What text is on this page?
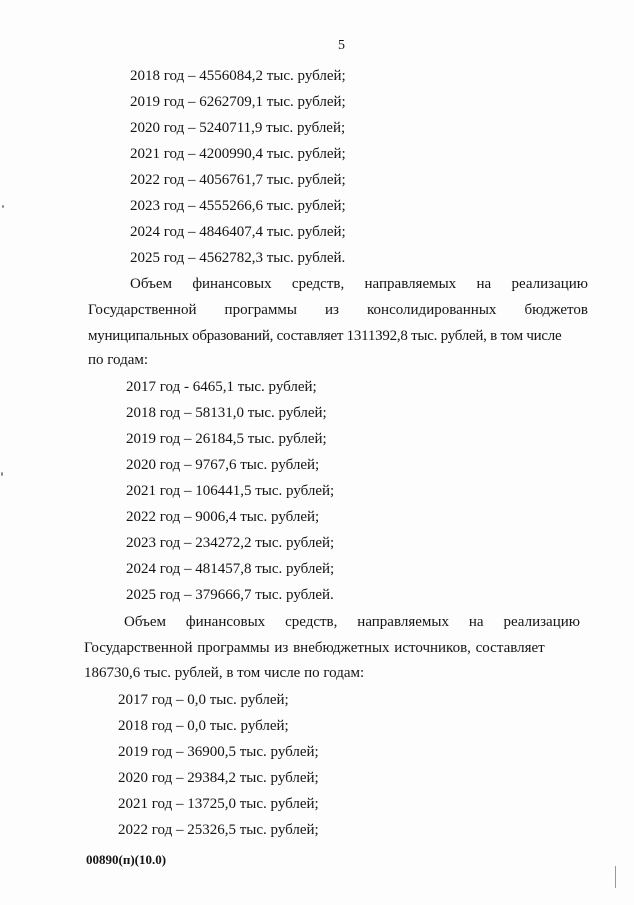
5
2018 год – 4556084,2 тыс. рублей;
2019 год – 6262709,1 тыс. рублей;
2020 год – 5240711,9 тыс. рублей;
2021 год – 4200990,4 тыс. рублей;
2022 год – 4056761,7 тыс. рублей;
2023 год – 4555266,6 тыс. рублей;
2024 год – 4846407,4 тыс. рублей;
2025 год – 4562782,3 тыс. рублей.
Объем финансовых средств, направляемых на реализацию
Государственной программы из консолидированных бюджетов
муниципальных образований, составляет 1311392,8 тыс. рублей, в том числе
по годам:
2017 год - 6465,1 тыс. рублей;
2018 год – 58131,0 тыс. рублей;
2019 год – 26184,5 тыс. рублей;
2020 год – 9767,6 тыс. рублей;
2021 год – 106441,5 тыс. рублей;
2022 год – 9006,4 тыс. рублей;
2023 год – 234272,2 тыс. рублей;
2024 год – 481457,8 тыс. рублей;
2025 год – 379666,7 тыс. рублей.
Объем финансовых средств, направляемых на реализацию
Государственной программы из внебюджетных источников, составляет
186730,6 тыс. рублей, в том числе по годам:
2017 год – 0,0 тыс. рублей;
2018 год – 0,0 тыс. рублей;
2019 год – 36900,5 тыс. рублей;
2020 год – 29384,2 тыс. рублей;
2021 год – 13725,0 тыс. рублей;
2022 год – 25326,5 тыс. рублей;
00890(п)(10.0)
